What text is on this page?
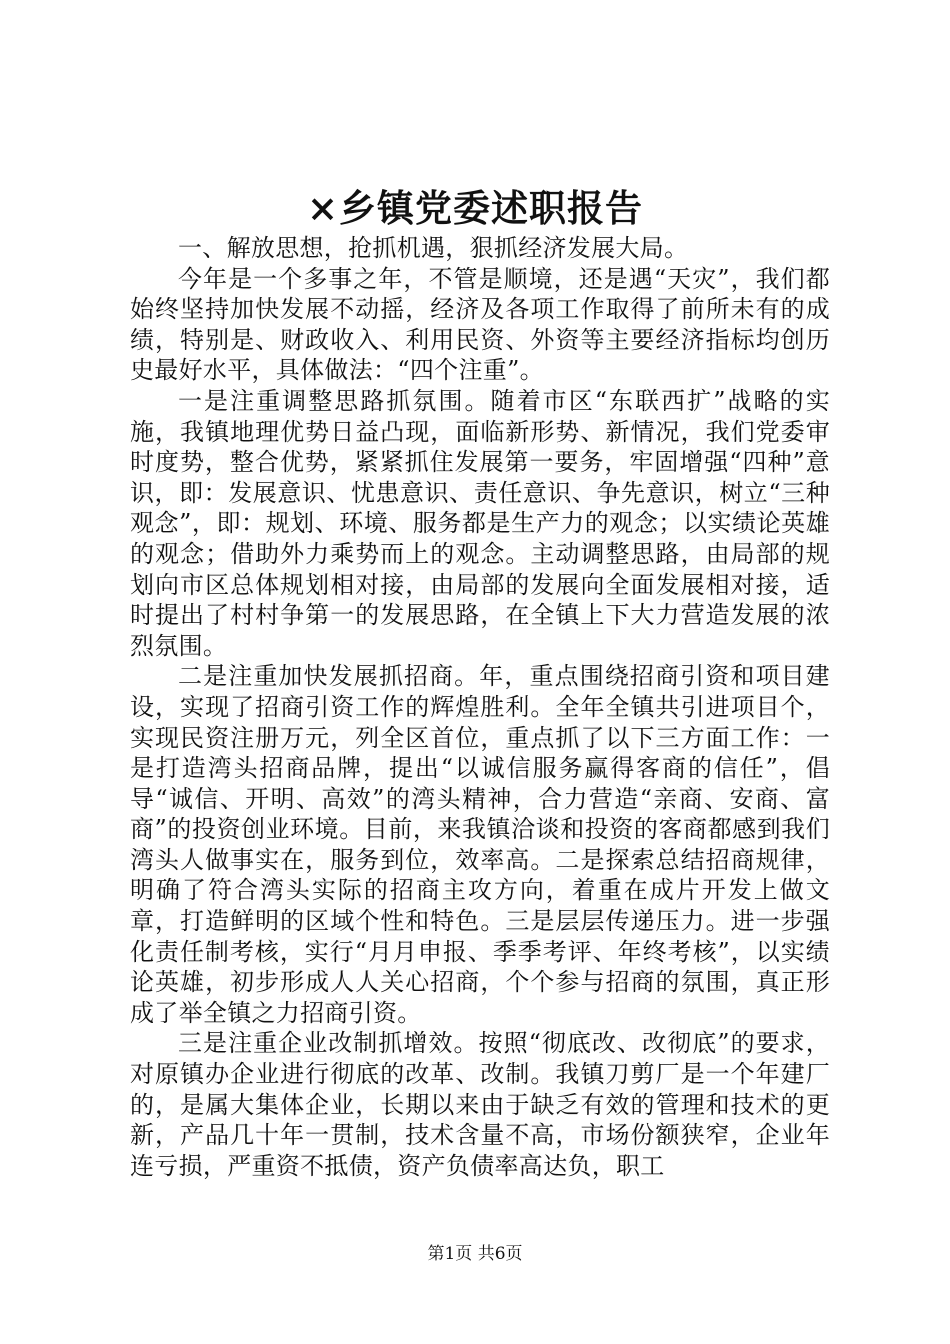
×乡镇党委述职报告

一、解放思想，抢抓机遇，狠抓经济发展大局。

今年是一个多事之年，不管是顺境，还是遇“天灾”，我们都始终坚持加快发展不动摇，经济及各项工作取得了前所未有的成绩，特别是、财政收入、利用民资、外资等主要经济指标均创历史最好水平，具体做法：“四个注重”。

一是注重调整思路抓氛围。随着市区“东联西扩”战略的实施，我镇地理优势日益凸现，面临新形势、新情况，我们党委审时度势，整合优势，紧紧抓住发展第一要务，牢固增强“四种”意识，即：发展意识、忧患意识、责任意识、争先意识，树立“三种观念”，即：规划、环境、服务都是生产力的观念；以实绩论英雄的观念；借助外力乘势而上的观念。主动调整思路，由局部的规划向市区总体规划相对接，由局部的发展向全面发展相对接，适时提出了村村争第一的发展思路，在全镇上下大力营造发展的浓烈氛围。

二是注重加快发展抓招商。年，重点围绕招商引资和项目建设，实现了招商引资工作的辉煌胜利。全年全镇共引进项目个，实现民资注册万元，列全区首位，重点抓了以下三方面工作：一是打造湾头招商品牌，提出“以诚信服务赢得客商的信任”，倡导“诚信、开明、高效”的湾头精神，合力营造“亲商、安商、富商”的投资创业环境。目前，来我镇洽谈和投资的客商都感到我们湾头人做事实在，服务到位，效率高。二是探索总结招商规律，明确了符合湾头实际的招商主攻方向，着重在成片开发上做文章，打造鲜明的区域个性和特色。三是层层传递压力。进一步强化责任制考核，实行“月月申报、季季考评、年终考核”，以实绩论英雄，初步形成人人关心招商，个个参与招商的氛围，真正形成了举全镇之力招商引资。

三是注重企业改制抓增效。按照“彻底改、改彻底”的要求，对原镇办企业进行彻底的改革、改制。我镇刀剪厂是一个年建厂的，是属大集体企业，长期以来由于缺乏有效的管理和技术的更新，产品几十年一贯制，技术含量不高，市场份额狭窄，企业年连亏损，严重资不抵债，资产负债率高达负，职工

第1页 共6页
